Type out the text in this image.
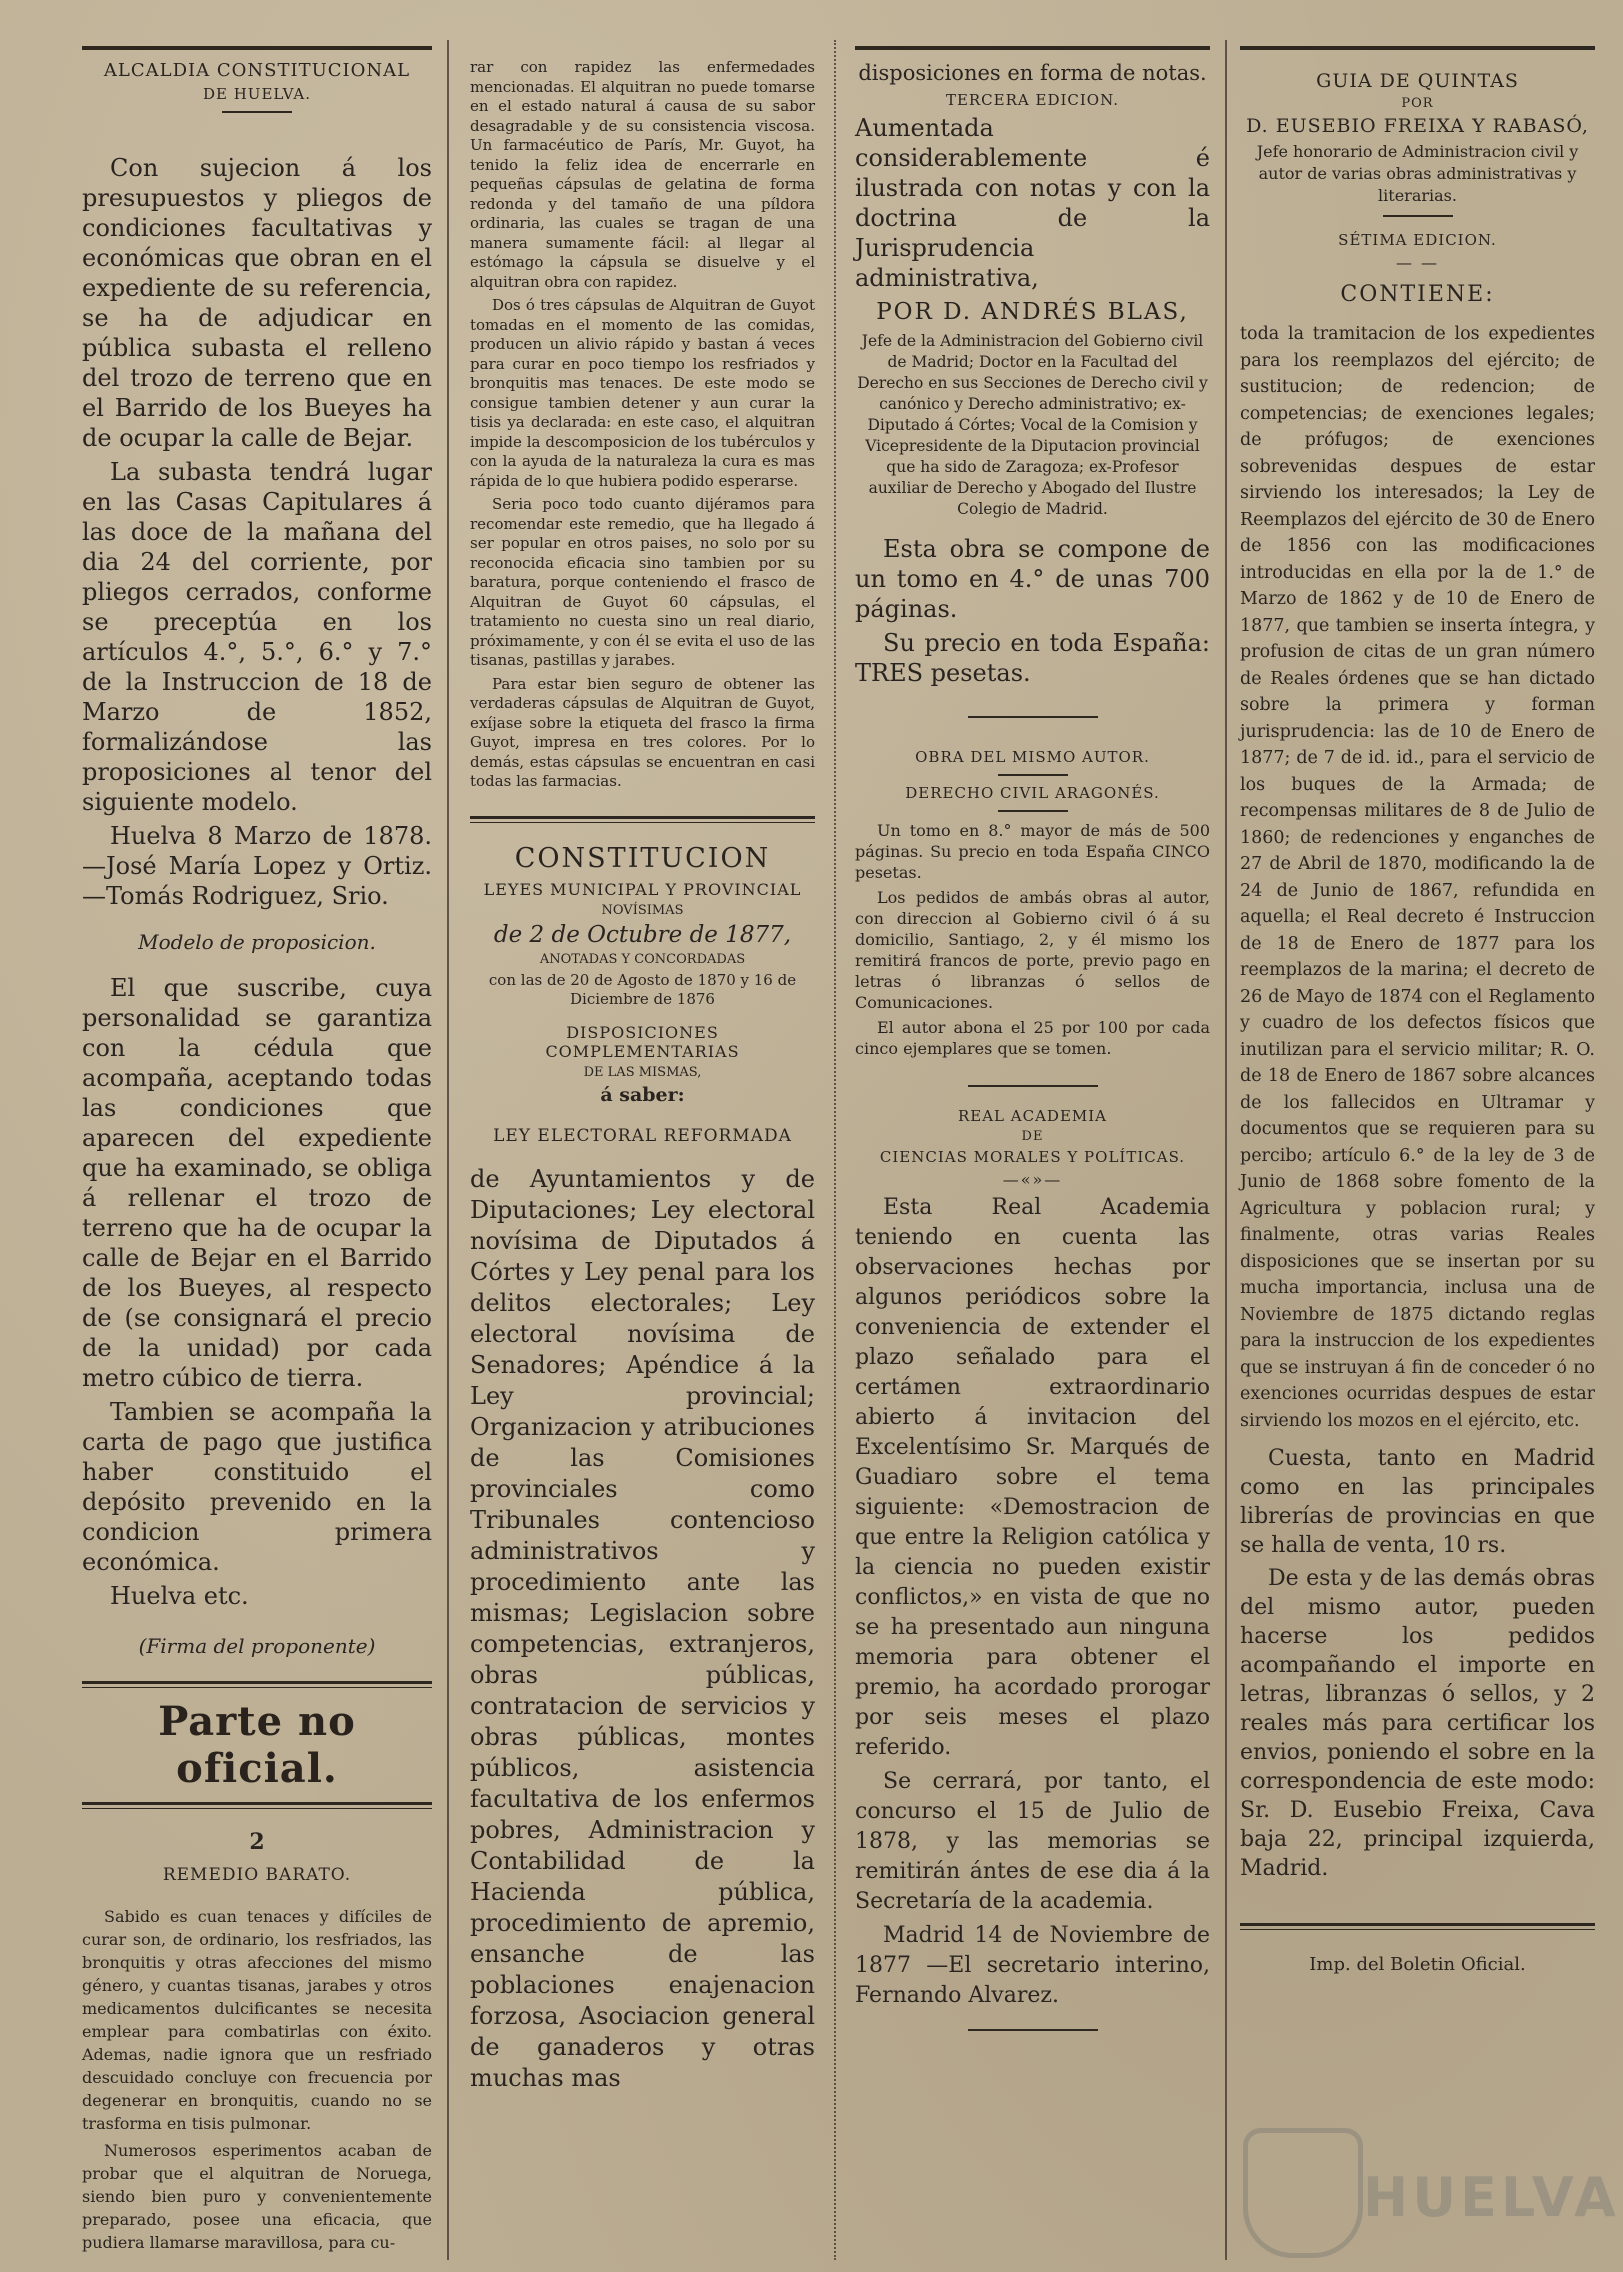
ALCALDIA CONSTITUCIONAL
DE HUELVA.

Con sujecion á los presupuestos y pliegos de condiciones facultativas y económicas que obran en el expediente de su referencia, se ha de adjudicar en pública subasta el relleno del trozo de terreno que en el Barrido de los Bueyes ha de ocupar la calle de Bejar.

La subasta tendrá lugar en las Casas Capitulares á las doce de la mañana del dia 24 del corriente, por pliegos cerrados, conforme se preceptúa en los artículos 4.°, 5.°, 6.° y 7.° de la Instruccion de 18 de Marzo de 1852, formalizándose las proposiciones al tenor del siguiente modelo.

Huelva 8 Marzo de 1878. —José María Lopez y Ortiz. —Tomás Rodriguez, Srio.

Modelo de proposicion.

El que suscribe, cuya personalidad se garantiza con la cédula que acompaña, aceptando todas las condiciones que aparecen del expediente que ha examinado, se obliga á rellenar el trozo de terreno que ha de ocupar la calle de Bejar en el Barrido de los Bueyes, al respecto de (se consignará el precio de la unidad) por cada metro cúbico de tierra.

Tambien se acompaña la carta de pago que justifica haber constituido el depósito prevenido en la condicion primera económica.

Huelva etc.

(Firma del proponente)

Parte no oficial.
2
REMEDIO BARATO.

Sabido es cuan tenaces y difíciles de curar son, de ordinario, los resfriados, las bronquitis y otras afecciones del mismo género, y cuantas tisanas, jarabes y otros medicamentos dulcificantes se necesita emplear para combatirlas con éxito. Ademas, nadie ignora que un resfriado descuidado concluye con frecuencia por degenerar en bronquitis, cuando no se trasforma en tisis pulmonar.

Numerosos esperimentos acaban de probar que el alquitran de Noruega, siendo bien puro y convenientemente preparado, posee una eficacia, que pudiera llamarse maravillosa, para cu-

rar con rapidez las enfermedades mencionadas. El alquitran no puede tomarse en el estado natural á causa de su sabor desagradable y de su consistencia viscosa. Un farmacéutico de París, Mr. Guyot, ha tenido la feliz idea de encerrarle en pequeñas cápsulas de gelatina de forma redonda y del tamaño de una píldora ordinaria, las cuales se tragan de una manera sumamente fácil: al llegar al estómago la cápsula se disuelve y el alquitran obra con rapidez.

Dos ó tres cápsulas de Alquitran de Guyot tomadas en el momento de las comidas, producen un alivio rápido y bastan á veces para curar en poco tiempo los resfriados y bronquitis mas tenaces. De este modo se consigue tambien detener y aun curar la tisis ya declarada: en este caso, el alquitran impide la descomposicion de los tubérculos y con la ayuda de la naturaleza la cura es mas rápida de lo que hubiera podido esperarse.

Seria poco todo cuanto dijéramos para recomendar este remedio, que ha llegado á ser popular en otros paises, no solo por su reconocida eficacia sino tambien por su baratura, porque conteniendo el frasco de Alquitran de Guyot 60 cápsulas, el tratamiento no cuesta sino un real diario, próximamente, y con él se evita el uso de las tisanas, pastillas y jarabes.

Para estar bien seguro de obtener las verdaderas cápsulas de Alquitran de Guyot, exíjase sobre la etiqueta del frasco la firma Guyot, impresa en tres colores. Por lo demás, estas cápsulas se encuentran en casi todas las farmacias.

CONSTITUCION
LEYES MUNICIPAL Y PROVINCIAL
NOVÍSIMAS
de 2 de Octubre de 1877,
ANOTADAS Y CONCORDADAS

con las de 20 de Agosto de 1870 y 16 de Diciembre de 1876

DISPOSICIONES COMPLEMENTARIAS
DE LAS MISMAS,
á saber:
LEY ELECTORAL REFORMADA

de Ayuntamientos y de Diputaciones; Ley electoral novísima de Diputados á Córtes y Ley penal para los delitos electorales; Ley electoral novísima de Senadores; Apéndice á la Ley provincial; Organizacion y atribuciones de las Comisiones provinciales como Tribunales contencioso administrativos y procedimiento ante las mismas; Legislacion sobre competencias, extranjeros, obras públicas, contratacion de servicios y obras públicas, montes públicos, asistencia facultativa de los enfermos pobres, Administracion y Contabilidad de la Hacienda pública, procedimiento de apremio, ensanche de las poblaciones enajenacion forzosa, Asociacion general de ganaderos y otras muchas mas

disposiciones en forma de notas.

TERCERA EDICION.

Aumentada considerablemente é ilustrada con notas y con la doctrina de la Jurisprudencia administrativa,

POR D. ANDRÉS BLAS,

Jefe de la Administracion del Gobierno civil de Madrid; Doctor en la Facultad del Derecho en sus Secciones de Derecho civil y canónico y Derecho administrativo; ex-Diputado á Córtes; Vocal de la Comision y Vicepresidente de la Diputacion provincial que ha sido de Zaragoza; ex-Profesor auxiliar de Derecho y Abogado del Ilustre Colegio de Madrid.

Esta obra se compone de un tomo en 4.° de unas 700 páginas.

Su precio en toda España: TRES pesetas.

OBRA DEL MISMO AUTOR.
DERECHO CIVIL ARAGONÉS.

Un tomo en 8.° mayor de más de 500 páginas. Su precio en toda España CINCO pesetas.

Los pedidos de ambás obras al autor, con direccion al Gobierno civil ó á su domicilio, Santiago, 2, y él mismo los remitirá francos de porte, previo pago en letras ó libranzas ó sellos de Comunicaciones.

El autor abona el 25 por 100 por cada cinco ejemplares que se tomen.

REAL ACADEMIA
DE
CIENCIAS MORALES Y POLÍTICAS.
—«»—

Esta Real Academia teniendo en cuenta las observaciones hechas por algunos periódicos sobre la conveniencia de extender el plazo señalado para el certámen extraordinario abierto á invitacion del Excelentísimo Sr. Marqués de Guadiaro sobre el tema siguiente: «Demostracion de que entre la Religion católica y la ciencia no pueden existir conflictos,» en vista de que no se ha presentado aun ninguna memoria para obtener el premio, ha acordado prorogar por seis meses el plazo referido.

Se cerrará, por tanto, el concurso el 15 de Julio de 1878, y las memorias se remitirán ántes de ese dia á la Secretaría de la academia.

Madrid 14 de Noviembre de 1877 —El secretario interino, Fernando Alvarez.

GUIA DE QUINTAS
POR
D. EUSEBIO FREIXA Y RABASÓ,

Jefe honorario de Administracion civil y autor de varias obras administrativas y literarias.

SÉTIMA EDICION.
— —
CONTIENE:

toda la tramitacion de los expedientes para los reemplazos del ejército; de sustitucion; de redencion; de competencias; de exenciones legales; de prófugos; de exenciones sobrevenidas despues de estar sirviendo los interesados; la Ley de Reemplazos del ejército de 30 de Enero de 1856 con las modificaciones introducidas en ella por la de 1.° de Marzo de 1862 y de 10 de Enero de 1877, que tambien se inserta íntegra, y profusion de citas de un gran número de Reales órdenes que se han dictado sobre la primera y forman jurisprudencia: las de 10 de Enero de 1877; de 7 de id. id., para el servicio de los buques de la Armada; de recompensas militares de 8 de Julio de 1860; de redenciones y enganches de 27 de Abril de 1870, modificando la de 24 de Junio de 1867, refundida en aquella; el Real decreto é Instruccion de 18 de Enero de 1877 para los reemplazos de la marina; el decreto de 26 de Mayo de 1874 con el Reglamento y cuadro de los defectos físicos que inutilizan para el servicio militar; R. O. de 18 de Enero de 1867 sobre alcances de los fallecidos en Ultramar y documentos que se requieren para su percibo; artículo 6.° de la ley de 3 de Junio de 1868 sobre fomento de la Agricultura y poblacion rural; y finalmente, otras varias Reales disposiciones que se insertan por su mucha importancia, inclusa una de Noviembre de 1875 dictando reglas para la instruccion de los expedientes que se instruyan á fin de conceder ó no exenciones ocurridas despues de estar sirviendo los mozos en el ejército, etc.

Cuesta, tanto en Madrid como en las principales librerías de provincias en que se halla de venta, 10 rs.

De esta y de las demás obras del mismo autor, pueden hacerse los pedidos acompañando el importe en letras, libranzas ó sellos, y 2 reales más para certificar los envios, poniendo el sobre en la correspondencia de este modo: Sr. D. Eusebio Freixa, Cava baja 22, principal izquierda, Madrid.

Imp. del Boletin Oficial.
HUELVA
